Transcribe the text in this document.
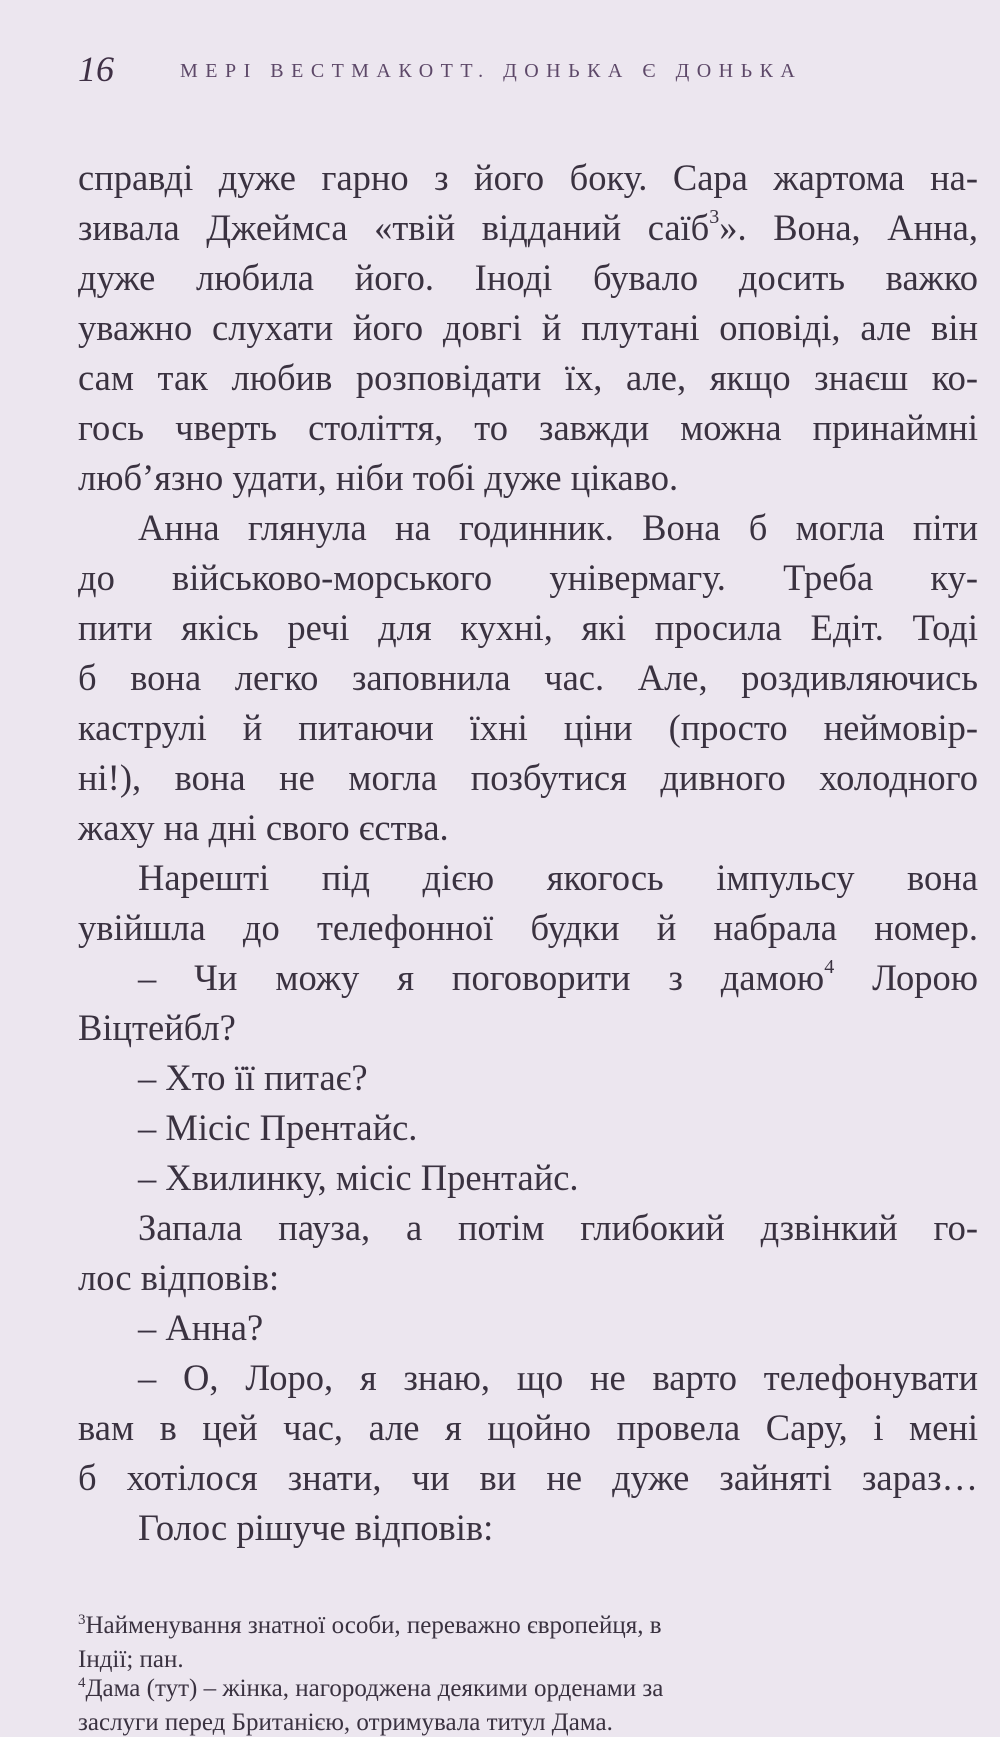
16	МЕРІ ВЕСТМАКОТТ. ДОНЬКА Є ДОНЬКА
справді дуже гарно з його боку. Сара жартома на-
зивала Джеймса «твій відданий саїб$^3$». Вона, Анна,
дуже любила його. Іноді бувало досить важко
уважно слухати його довгі й плутані оповіді, але він
сам так любив розповідати їх, але, якщо знаєш ко-
гось чверть століття, то завжди можна принаймні
люб’язно удати, ніби тобі дуже цікаво.
Анна глянула на годинник. Вона б могла піти
до військово-морського універмагу. Треба ку-
пити якісь речі для кухні, які просила Едіт. Тоді
б вона легко заповнила час. Але, роздивляючись
каструлі й питаючи їхні ціни (просто неймовір-
ні!), вона не могла позбутися дивного холодного
жаху на дні свого єства.
Нарешті під дією якогось імпульсу вона
увійшла до телефонної будки й набрала номер.
– Чи можу я поговорити з дамою$^4$ Лорою
Віцтейбл?
– Хто її питає?
– Місіс Прентайс.
– Хвилинку, місіс Прентайс.
Запала пауза, а потім глибокий дзвінкий го-
лос відповів:
– Анна?
– О, Лоро, я знаю, що не варто телефонувати
вам в цей час, але я щойно провела Сару, і мені
б хотілося знати, чи ви не дуже зайняті зараз…
Голос рішуче відповів:
$^3$Найменування знатної особи, переважно європейця, в
Індії; пан.
$^4$Дама (тут) – жінка, нагороджена деякими орденами за
заслуги перед Британією, отримувала титул Дама.
